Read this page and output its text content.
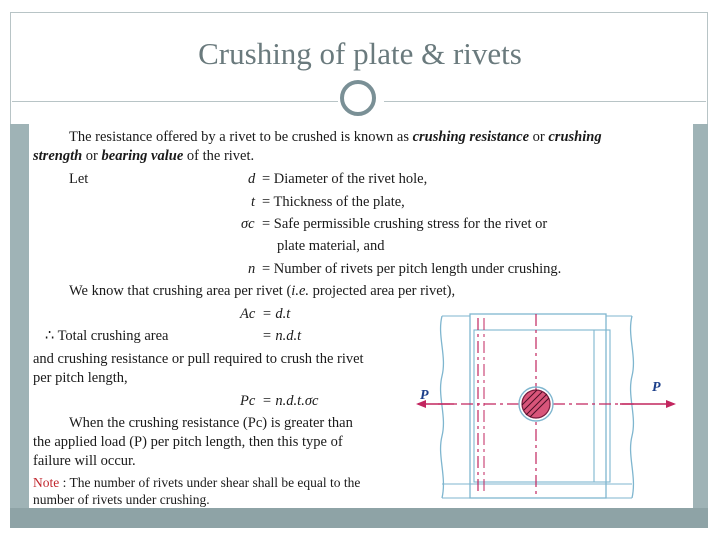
Crushing of plate & rivets
The resistance offered by a rivet to be crushed is known as crushing resistance or crushing
strength or bearing value of the rivet.
Let	d = Diameter of the rivet hole,
t = Thickness of the plate,
σc = Safe permissible crushing stress for the rivet or
plate material, and
n = Number of rivets per pitch length under crushing.
We know that crushing area per rivet (i.e. projected area per rivet),
Ac = d.t
∴ Total crushing area	= n.d.t
and crushing resistance or pull required to crush the rivet
per pitch length,
Pc = n.d.t.σc
When the crushing resistance (Pc) is greater than
the applied load (P) per pitch length, then this type of
failure will occur.
Note : The number of rivets under shear shall be equal to the
number of rivets under crushing.
P
P
